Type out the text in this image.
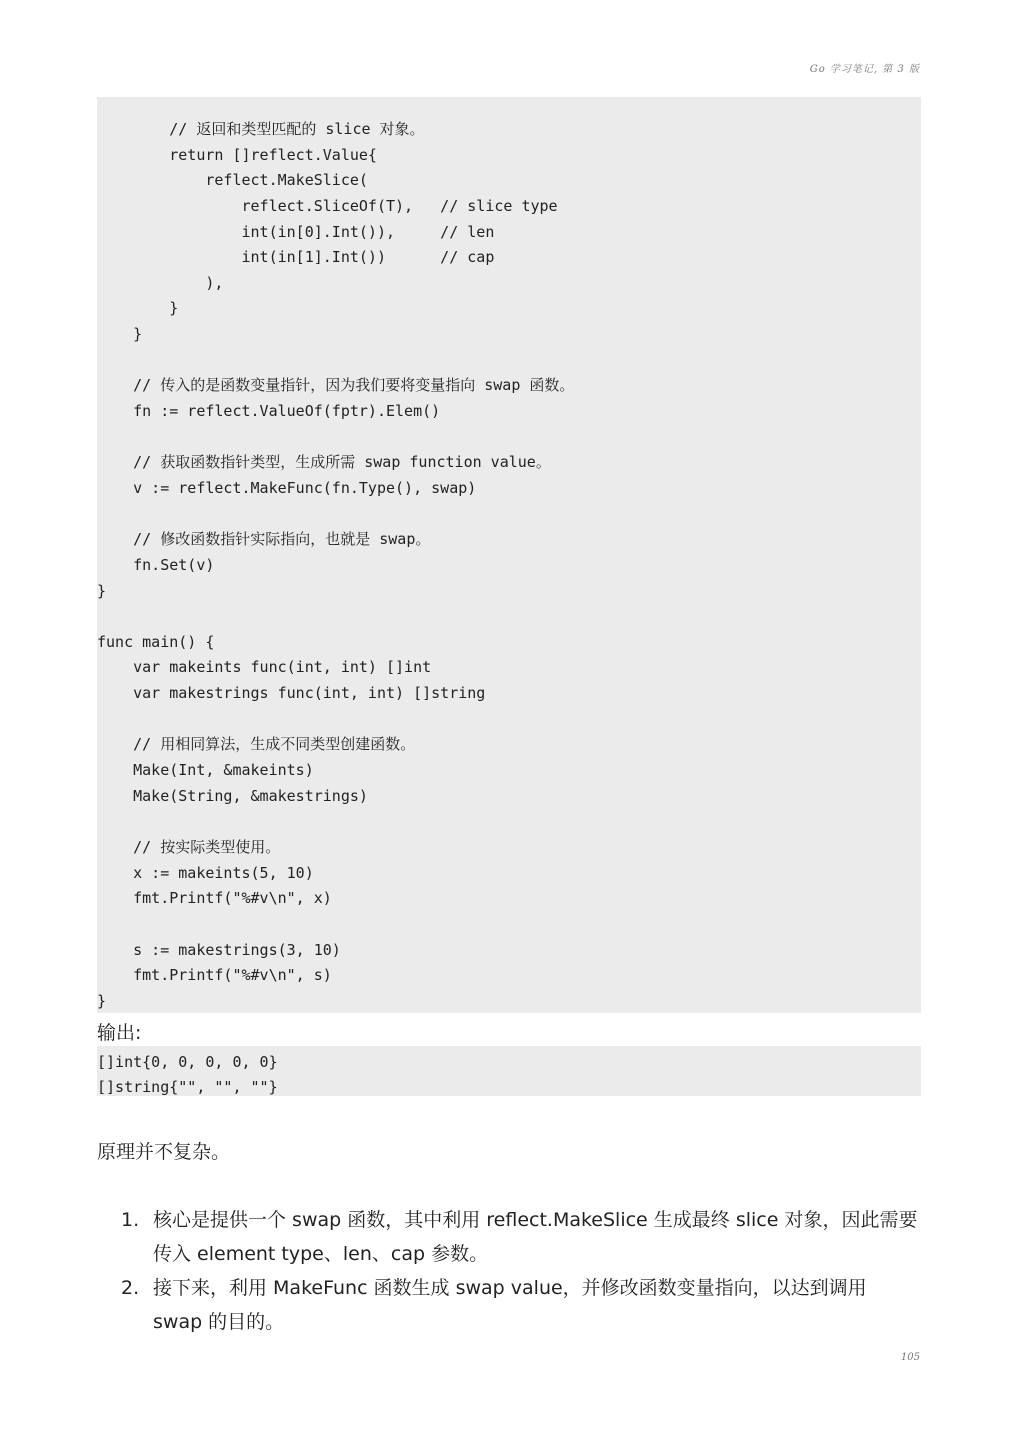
Go 学习笔记, 第 3 版
// 返回和类型匹配的 slice 对象。
return []reflect.Value{
reflect.MakeSlice(
reflect.SliceOf(T),   // slice type
int(in[0].Int()),     // len
int(in[1].Int())      // cap
),
}
}
// 传入的是函数变量指针，因为我们要将变量指向 swap 函数。
fn := reflect.ValueOf(fptr).Elem()
// 获取函数指针类型，生成所需 swap function value。
v := reflect.MakeFunc(fn.Type(), swap)
// 修改函数指针实际指向，也就是 swap。
fn.Set(v)
}
func main() {
var makeints func(int, int) []int
var makestrings func(int, int) []string
// 用相同算法，生成不同类型创建函数。
Make(Int, &makeints)
Make(String, &makestrings)
// 按实际类型使用。
x := makeints(5, 10)
fmt.Printf("%#v\n", x)
s := makestrings(3, 10)
fmt.Printf("%#v\n", s)
}
输出:
[]int{0, 0, 0, 0, 0}
[]string{"", "", ""}
原理并不复杂。
1. 核心是提供一个 swap 函数，其中利用 reflect.MakeSlice 生成最终 slice 对象，因此需要传入 element type、len、cap 参数。
2. 接下来，利用 MakeFunc 函数生成 swap value，并修改函数变量指向，以达到调用 swap 的目的。
105
